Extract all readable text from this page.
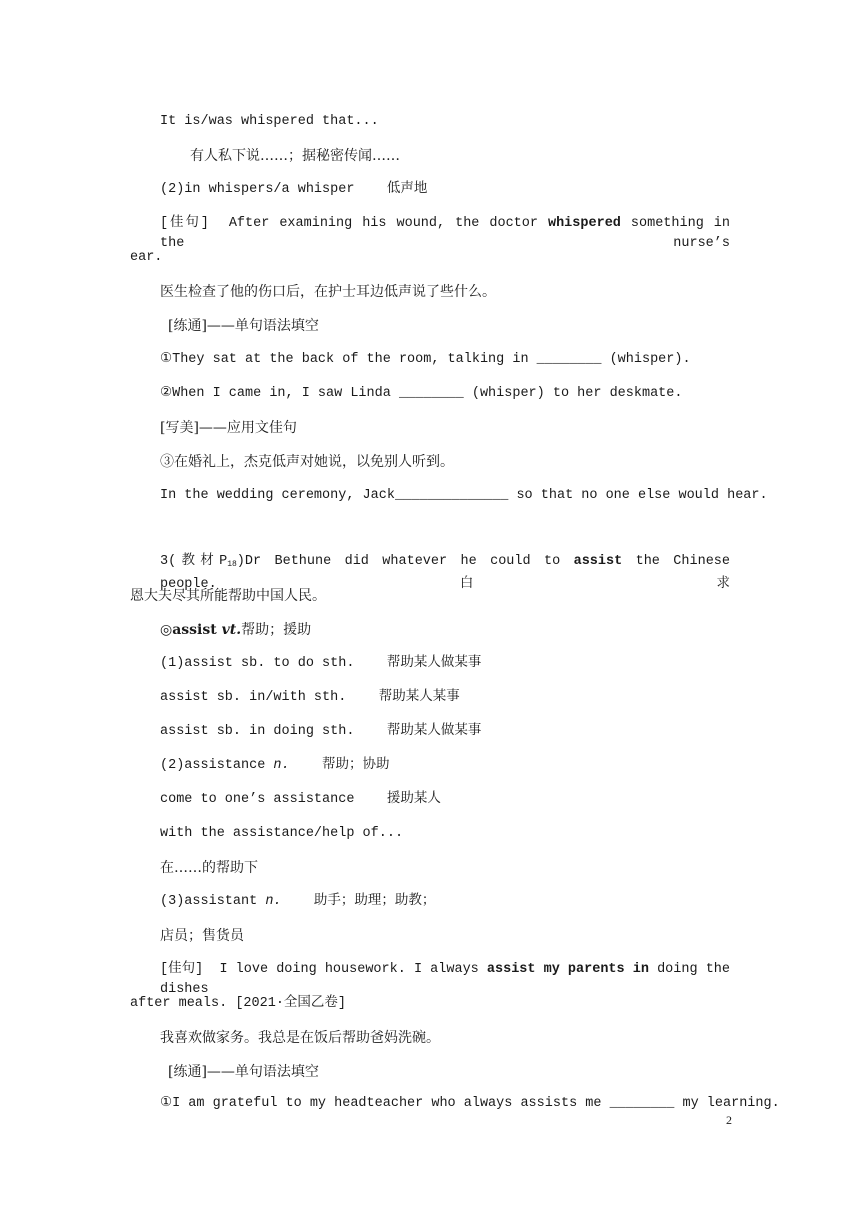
It is/was whispered that...
有人私下说……；据秘密传闻……
(2)in whispers/a whisper    低声地
[佳句]  After examining his wound, the doctor whispered something in the nurse’s
ear.
医生检查了他的伤口后，在护士耳边低声说了些什么。
[练通]——单句语法填空
①They sat at the back of the room, talking in ________ (whisper).
②When I came in, I saw Linda ________ (whisper) to her deskmate.
[写美]——应用文佳句
③在婚礼上，杰克低声对她说，以免别人听到。
In the wedding ceremony, Jack______________ so that no one else would hear.
3(教材$P_{18})Dr$ Bethune did whatever he could to assist the Chinese people.白求
恩大夫尽其所能帮助中国人民。
◎assist vt.帮助；援助
(1)assist sb. to do sth.    帮助某人做某事
assist sb. in/with sth.    帮助某人某事
assist sb. in doing sth.    帮助某人做某事
(2)assistance n.    帮助；协助
come to one’s assistance    援助某人
with the assistance/help of...
在……的帮助下
(3)assistant n.    助手；助理；助教；
店员；售货员
[佳句]  I love doing housework. I always assist my parents in doing the dishes
after meals. [2021·全国乙卷]
我喜欢做家务。我总是在饭后帮助爸妈洗碗。
[练通]——单句语法填空
①I am grateful to my headteacher who always assists me ________ my learning.
2
